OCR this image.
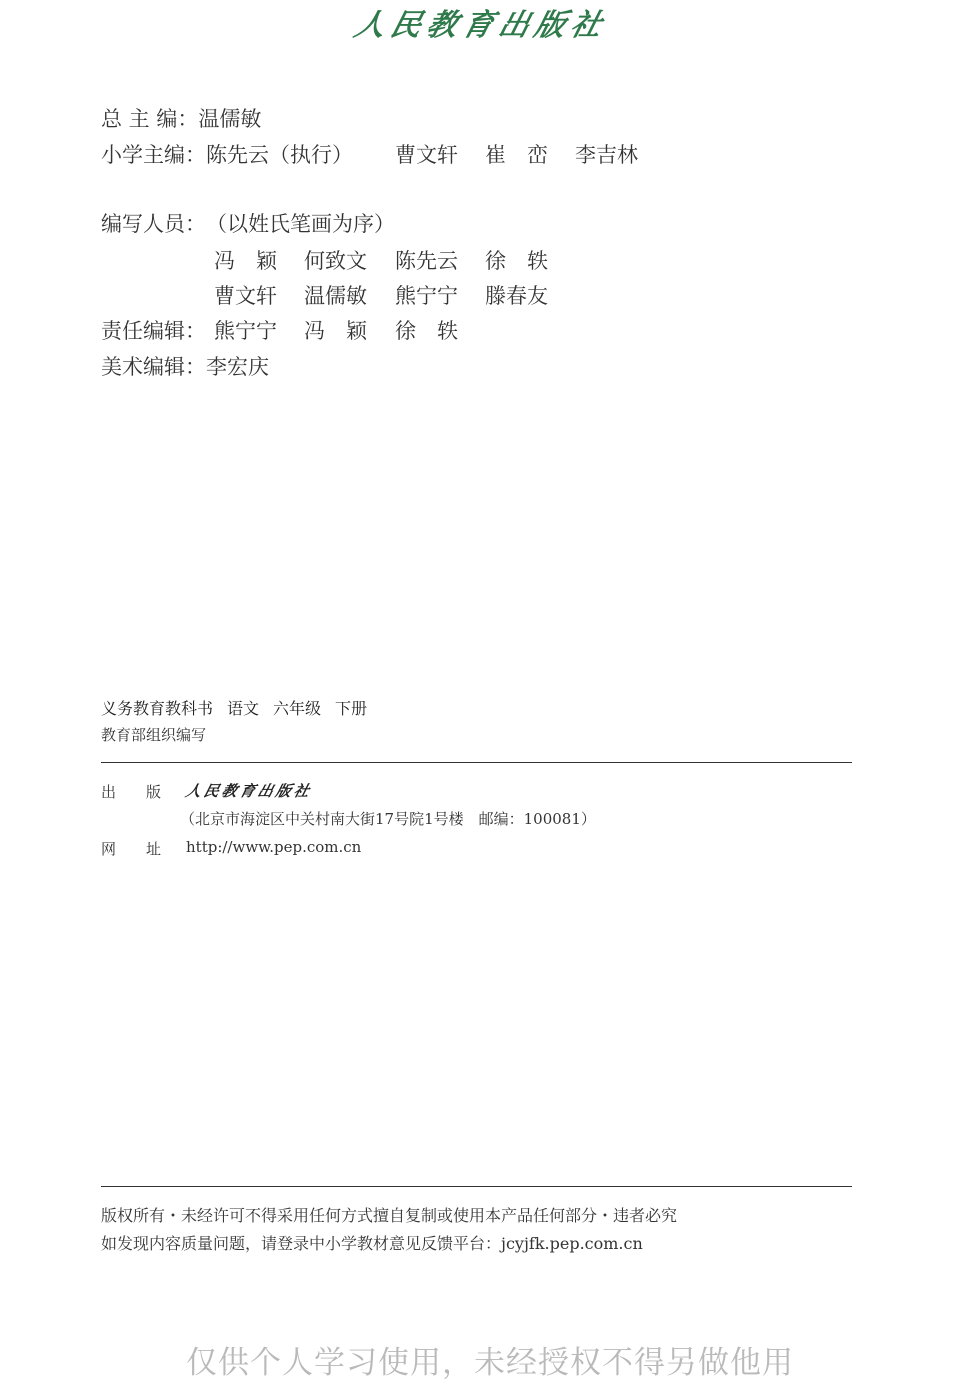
人民教育出版社
总 主 编：温儒敏
小学主编：陈先云（执行） 曹文轩 崔　峦 李吉林
编写人员：（以姓氏笔画为序）
冯　颖 何致文 陈先云 徐　轶
曹文轩 温儒敏 熊宁宁 滕春友
责任编辑： 熊宁宁 冯　颖 徐　轶
美术编辑：李宏庆
义务教育教科书 语文 六年级 下册
教育部组织编写
出　　版 人民教育出版社
（北京市海淀区中关村南大街17号院1号楼　邮编：100081）
网　　址 http://www.pep.com.cn
版权所有・未经许可不得采用任何方式擅自复制或使用本产品任何部分・违者必究
如发现内容质量问题，请登录中小学教材意见反馈平台：jcyjfk.pep.com.cn
仅供个人学习使用，未经授权不得另做他用
